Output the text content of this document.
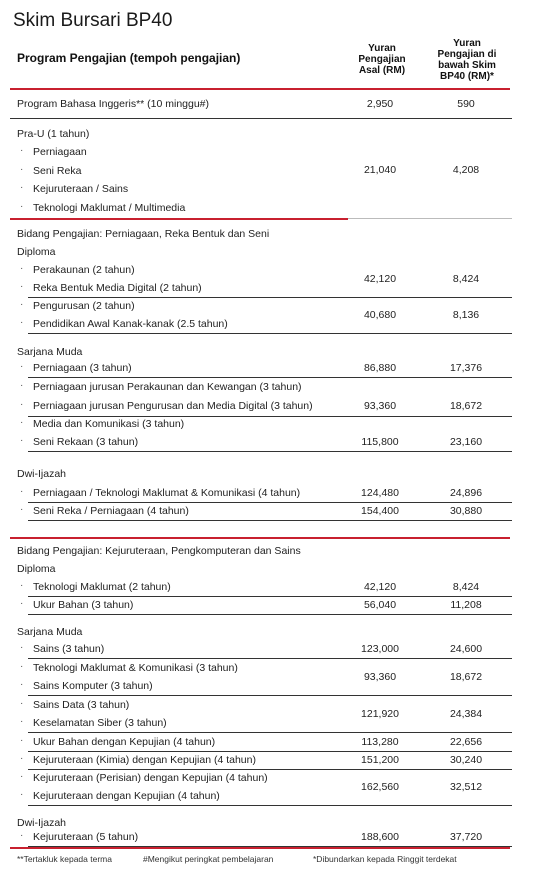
Skim Bursari BP40
Program Pengajian (tempoh pengajian)
Yuran
Pengajian
Asal (RM)
Yuran
Pengajian di
bawah Skim
BP40 (RM)*
Program Bahasa Inggeris** (10 minggu#)	2,950	590
Pra-U (1 tahun)
· Perniagaan
· Seni Reka
· Kejuruteraan / Sains
· Teknologi Maklumat / Multimedia
21,040	4,208
Bidang Pengajian: Perniagaan, Reka Bentuk dan Seni
Diploma
· Perakaunan (2 tahun)
· Reka Bentuk Media Digital (2 tahun)
42,120	8,424
· Pengurusan (2 tahun)
· Pendidikan Awal Kanak-kanak (2.5 tahun)
40,680	8,136
Sarjana Muda
· Perniagaan (3 tahun)	86,880	17,376
· Perniagaan jurusan Perakaunan dan Kewangan (3 tahun)
· Perniagaan jurusan Pengurusan dan Media Digital (3 tahun)
· Media dan Komunikasi (3 tahun)
93,360	18,672
· Seni Rekaan (3 tahun)	115,800	23,160
Dwi-Ijazah
· Perniagaan / Teknologi Maklumat & Komunikasi (4 tahun)	124,480	24,896
· Seni Reka / Perniagaan (4 tahun)	154,400	30,880
Bidang Pengajian: Kejuruteraan, Pengkomputeran dan Sains
Diploma
· Teknologi Maklumat (2 tahun)	42,120	8,424
· Ukur Bahan (3 tahun)	56,040	11,208
Sarjana Muda
· Sains (3 tahun)	123,000	24,600
· Teknologi Maklumat & Komunikasi (3 tahun)
· Sains Komputer (3 tahun)
93,360	18,672
· Sains Data (3 tahun)
· Keselamatan Siber (3 tahun)
121,920	24,384
· Ukur Bahan dengan Kepujian (4 tahun)	113,280	22,656
· Kejuruteraan (Kimia) dengan Kepujian (4 tahun)	151,200	30,240
· Kejuruteraan (Perisian) dengan Kepujian (4 tahun)
· Kejuruteraan dengan Kepujian (4 tahun)
162,560	32,512
Dwi-Ijazah
· Kejuruteraan (5 tahun)	188,600	37,720
**Tertakluk kepada terma	#Mengikut peringkat pembelajaran	*Dibundarkan kepada Ringgit terdekat
